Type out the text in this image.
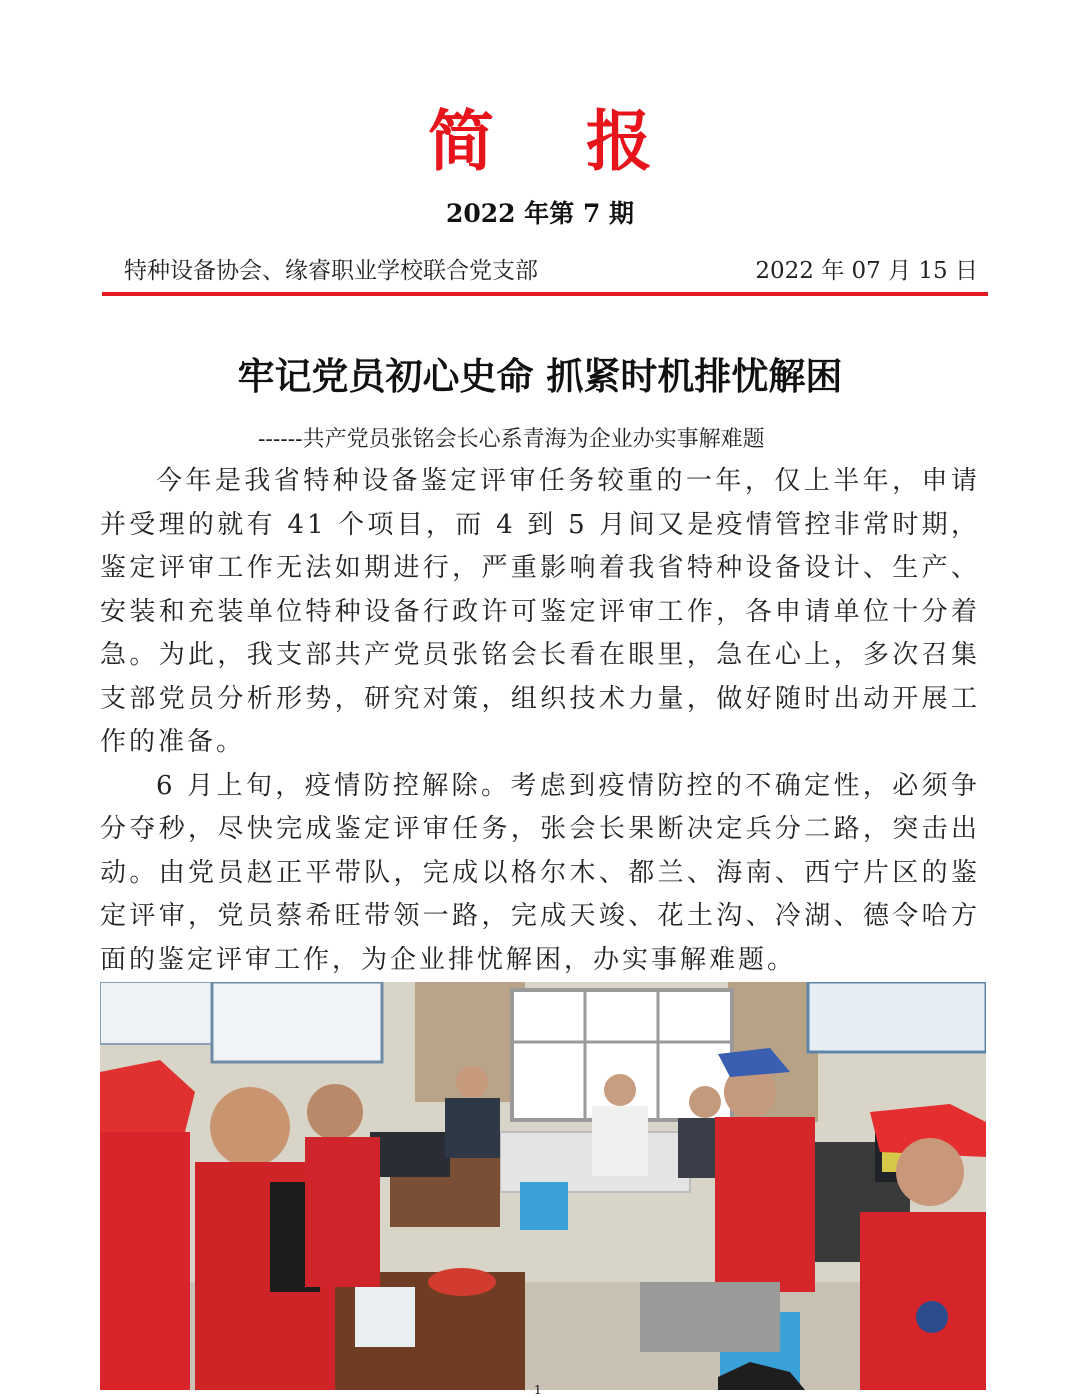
简 报
2022 年第 7 期
特种设备协会、缘睿职业学校联合党支部	2022 年 07 月 15 日
牢记党员初心史命 抓紧时机排忧解困
------共产党员张铭会长心系青海为企业办实事解难题

今年是我省特种设备鉴定评审任务较重的一年，仅上半年，申请并受理的就有 41 个项目，而 4 到 5 月间又是疫情管控非常时期，鉴定评审工作无法如期进行，严重影响着我省特种设备设计、生产、安装和充装单位特种设备行政许可鉴定评审工作，各申请单位十分着急。为此，我支部共产党员张铭会长看在眼里，急在心上，多次召集支部党员分析形势，研究对策，组织技术力量，做好随时出动开展工作的准备。

6 月上旬，疫情防控解除。考虑到疫情防控的不确定性，必须争分夺秒，尽快完成鉴定评审任务，张会长果断决定兵分二路，突击出动。由党员赵正平带队，完成以格尔木、都兰、海南、西宁片区的鉴定评审，党员蔡希旺带领一路，完成天竣、花土沟、冷湖、德令哈方面的鉴定评审工作，为企业排忧解困，办实事解难题。

1
